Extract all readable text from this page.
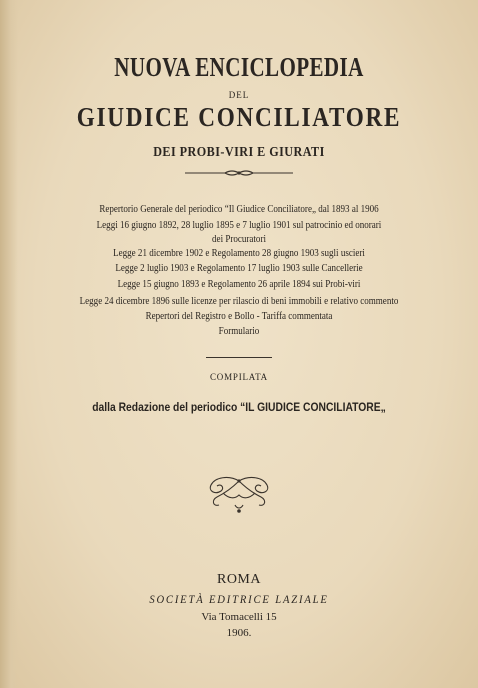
NUOVA ENCICLOPEDIA
DEL
GIUDICE CONCILIATORE
DEI PROBI-VIRI E GIURATI
Repertorio Generale del periodico “Il Giudice Conciliatore„ dal 1893 al 1906
Leggi 16 giugno 1892, 28 luglio 1895 e 7 luglio 1901 sul patrocinio ed onorari
dei Procuratori
Legge 21 dicembre 1902 e Regolamento 28 giugno 1903 sugli uscieri
Legge 2 luglio 1903 e Regolamento 17 luglio 1903 sulle Cancellerie
Legge 15 giugno 1893 e Regolamento 26 aprile 1894 sui Probi-viri
Legge 24 dicembre 1896 sulle licenze per rilascio di beni immobili e relativo commento
Repertori del Registro e Bollo - Tariffa commentata
Formulario
COMPILATA
dalla Redazione del periodico “IL GIUDICE CONCILIATORE„
ROMA
SOCIETÀ EDITRICE LAZIALE
Via Tomacelli 15
1906.
